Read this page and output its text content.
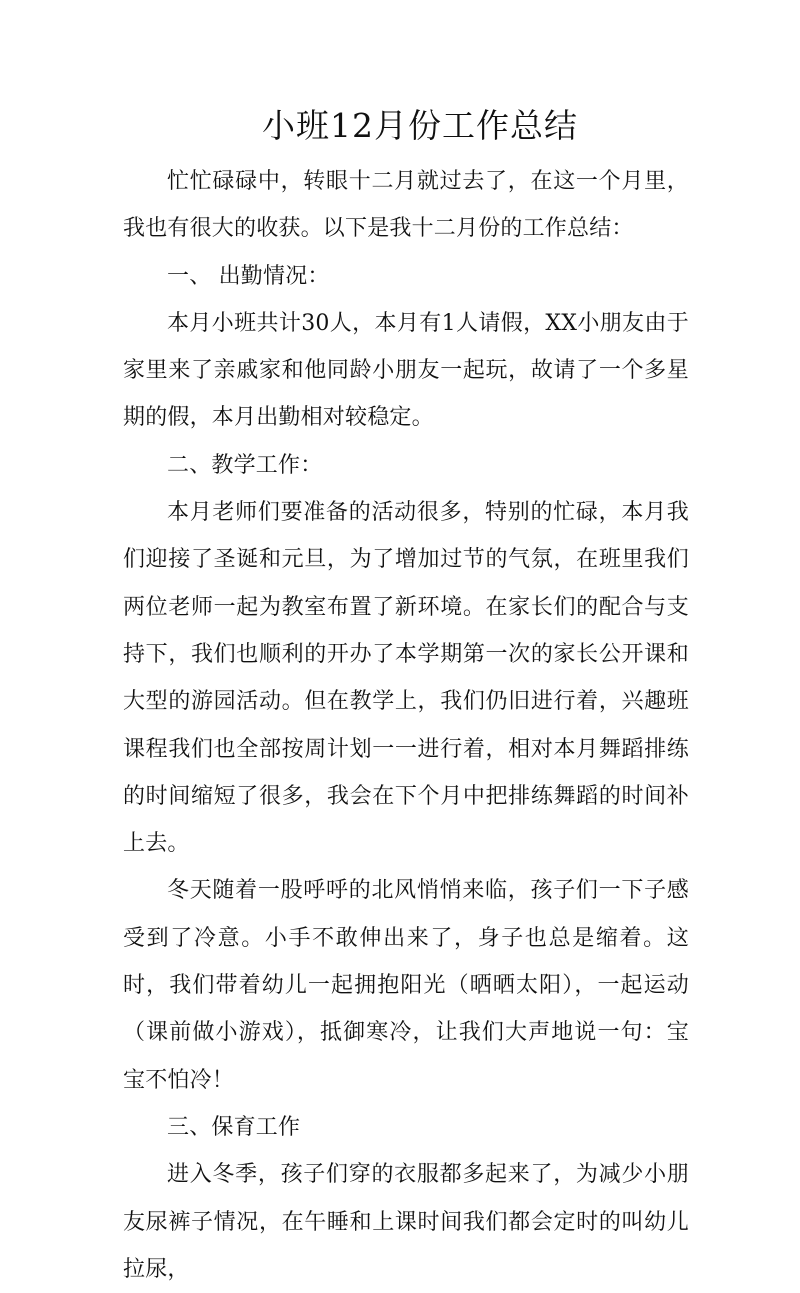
小班12月份工作总结

忙忙碌碌中，转眼十二月就过去了，在这一个月里，我也有很大的收获。以下是我十二月份的工作总结：

一、 出勤情况：

本月小班共计30人，本月有1人请假，XX小朋友由于家里来了亲戚家和他同龄小朋友一起玩，故请了一个多星期的假，本月出勤相对较稳定。

二、教学工作：

本月老师们要准备的活动很多，特别的忙碌，本月我们迎接了圣诞和元旦，为了增加过节的气氛，在班里我们两位老师一起为教室布置了新环境。在家长们的配合与支持下，我们也顺利的开办了本学期第一次的家长公开课和大型的游园活动。但在教学上，我们仍旧进行着，兴趣班课程我们也全部按周计划一一进行着，相对本月舞蹈排练的时间缩短了很多，我会在下个月中把排练舞蹈的时间补上去。

冬天随着一股呼呼的北风悄悄来临，孩子们一下子感受到了冷意。小手不敢伸出来了，身子也总是缩着。这时，我们带着幼儿一起拥抱阳光（晒晒太阳），一起运动（课前做小游戏），抵御寒冷，让我们大声地说一句：宝宝不怕冷！

三、保育工作

进入冬季，孩子们穿的衣服都多起来了，为减少小朋友尿裤子情况，在午睡和上课时间我们都会定时的叫幼儿拉尿，
